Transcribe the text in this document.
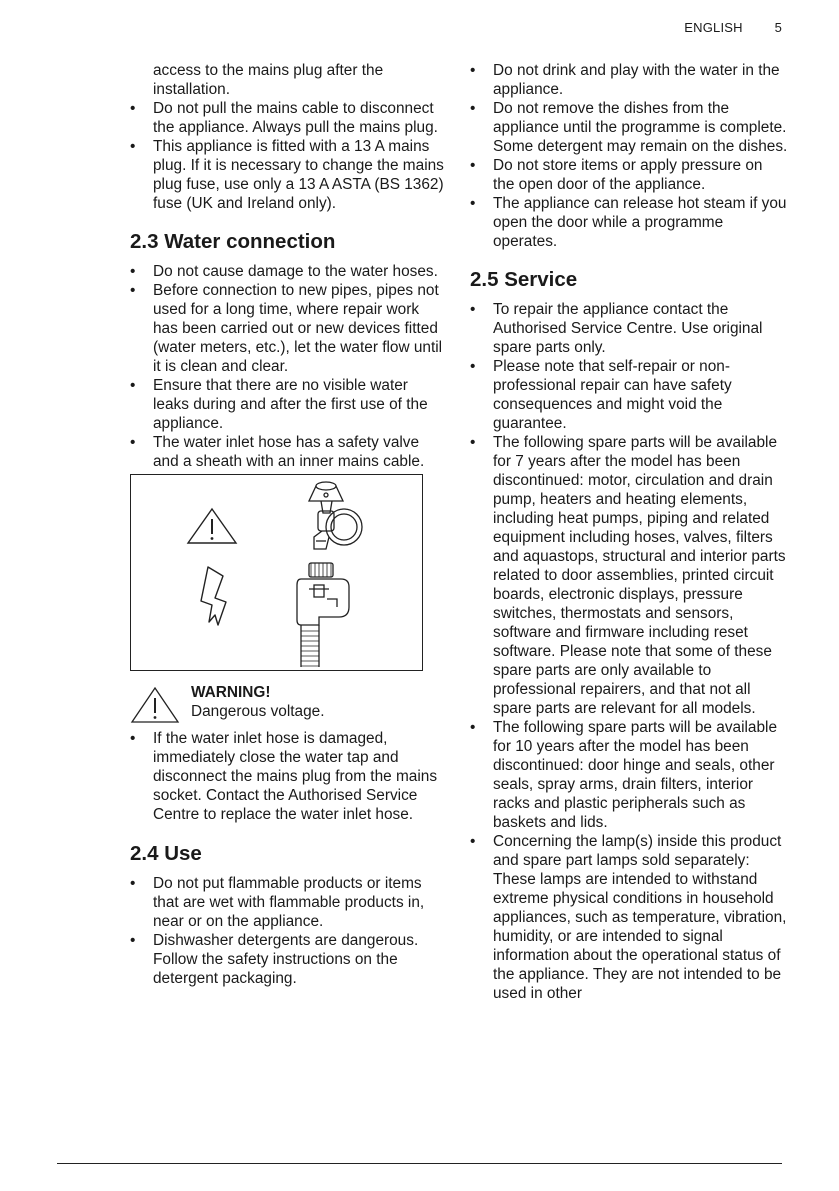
ENGLISH 5
access to the mains plug after the installation.
• Do not pull the mains cable to disconnect the appliance. Always pull the mains plug.
• This appliance is fitted with a 13 A mains plug. If it is necessary to change the mains plug fuse, use only a 13 A ASTA (BS 1362) fuse (UK and Ireland only).
2.3 Water connection
• Do not cause damage to the water hoses.
• Before connection to new pipes, pipes not used for a long time, where repair work has been carried out or new devices fitted (water meters, etc.), let the water flow until it is clean and clear.
• Ensure that there are no visible water leaks during and after the first use of the appliance.
• The water inlet hose has a safety valve and a sheath with an inner mains cable.
WARNING!
Dangerous voltage.
• If the water inlet hose is damaged, immediately close the water tap and disconnect the mains plug from the mains socket. Contact the Authorised Service Centre to replace the water inlet hose.
2.4 Use
• Do not put flammable products or items that are wet with flammable products in, near or on the appliance.
• Dishwasher detergents are dangerous. Follow the safety instructions on the detergent packaging.
• Do not drink and play with the water in the appliance.
• Do not remove the dishes from the appliance until the programme is complete. Some detergent may remain on the dishes.
• Do not store items or apply pressure on the open door of the appliance.
• The appliance can release hot steam if you open the door while a programme operates.
2.5 Service
• To repair the appliance contact the Authorised Service Centre. Use original spare parts only.
• Please note that self-repair or non-professional repair can have safety consequences and might void the guarantee.
• The following spare parts will be available for 7 years after the model has been discontinued: motor, circulation and drain pump, heaters and heating elements, including heat pumps, piping and related equipment including hoses, valves, filters and aquastops, structural and interior parts related to door assemblies, printed circuit boards, electronic displays, pressure switches, thermostats and sensors, software and firmware including reset software. Please note that some of these spare parts are only available to professional repairers, and that not all spare parts are relevant for all models.
• The following spare parts will be available for 10 years after the model has been discontinued: door hinge and seals, other seals, spray arms, drain filters, interior racks and plastic peripherals such as baskets and lids.
• Concerning the lamp(s) inside this product and spare part lamps sold separately: These lamps are intended to withstand extreme physical conditions in household appliances, such as temperature, vibration, humidity, or are intended to signal information about the operational status of the appliance. They are not intended to be used in other
